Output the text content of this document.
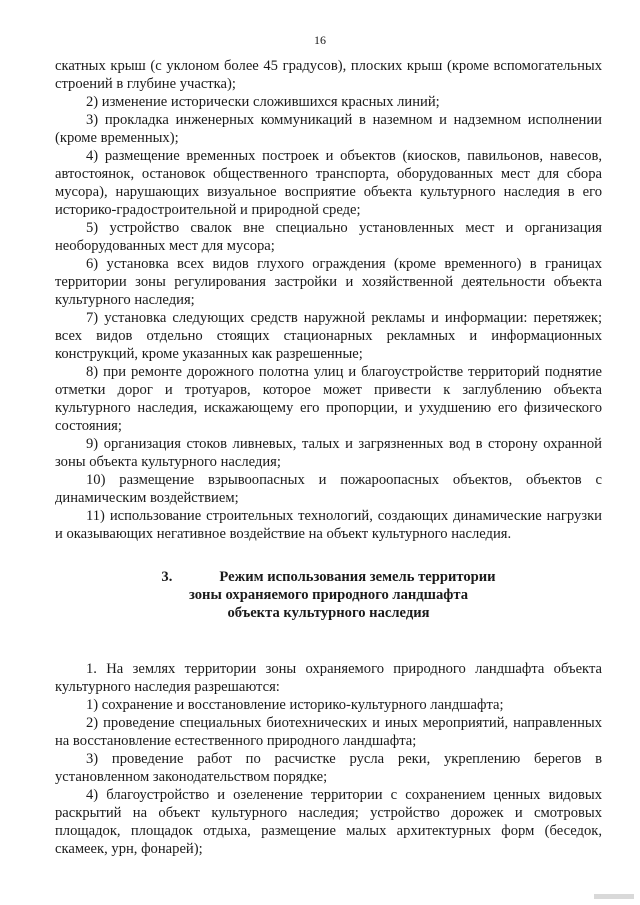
16

скатных крыш (с уклоном более 45 градусов), плоских крыш (кроме вспомогательных строений в глубине участка);

2) изменение исторически сложившихся красных линий;

3) прокладка инженерных коммуникаций в наземном и надземном исполнении (кроме временных);

4) размещение временных построек и объектов (киосков, павильонов, навесов, автостоянок, остановок общественного транспорта, оборудованных мест для сбора мусора), нарушающих визуальное восприятие объекта культурного наследия в его историко-градостроительной и природной среде;

5) устройство свалок вне специально установленных мест и организация необорудованных мест для мусора;

6) установка всех видов глухого ограждения (кроме временного) в границах территории зоны регулирования застройки и хозяйственной деятельности объекта культурного наследия;

7) установка следующих средств наружной рекламы и информации: перетяжек; всех видов отдельно стоящих стационарных рекламных и информационных конструкций, кроме указанных как разрешенные;

8) при ремонте дорожного полотна улиц и благоустройстве территорий поднятие отметки дорог и тротуаров, которое может привести к заглублению объекта культурного наследия, искажающему его пропорции, и ухудшению его физического состояния;

9) организация стоков ливневых, талых и загрязненных вод в сторону охранной зоны объекта культурного наследия;

10) размещение взрывоопасных и пожароопасных объектов, объектов с динамическим воздействием;

11) использование строительных технологий, создающих динамические нагрузки и оказывающих негативное воздействие на объект культурного наследия.

3.	Режим использования земель территории
зоны охраняемого природного ландшафта
объекта культурного наследия

1. На землях территории зоны охраняемого природного ландшафта объекта культурного наследия разрешаются:

1) сохранение и восстановление историко-культурного ландшафта;

2) проведение специальных биотехнических и иных мероприятий, направленных на восстановление естественного природного ландшафта;

3) проведение работ по расчистке русла реки, укреплению берегов в установленном законодательством порядке;

4) благоустройство и озеленение территории с сохранением ценных видовых раскрытий на объект культурного наследия; устройство дорожек и смотровых площадок, площадок отдыха, размещение малых архитектурных форм (беседок, скамеек, урн, фонарей);
